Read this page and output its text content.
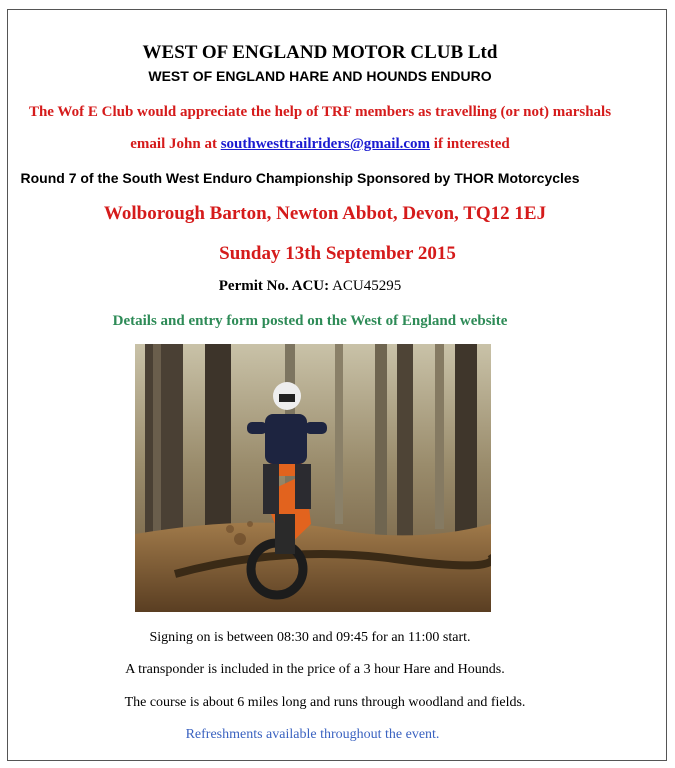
WEST OF ENGLAND MOTOR CLUB Ltd
WEST OF ENGLAND HARE AND HOUNDS ENDURO
The Wof E Club would appreciate the help of TRF members as travelling (or not) marshals
email John at southwesttrailriders@gmail.com if interested
Round 7 of the South West Enduro Championship Sponsored by THOR Motorcycles
Wolborough Barton, Newton Abbot, Devon, TQ12 1EJ
Sunday 13th September 2015
Permit No. ACU: ACU45295
Details and entry form posted on the West of England website
Signing on is between 08:30 and 09:45 for an 11:00 start.
A transponder is included in the price of a 3 hour Hare and Hounds.
The course is about 6 miles long and runs through woodland and fields.
Refreshments available throughout the event.
